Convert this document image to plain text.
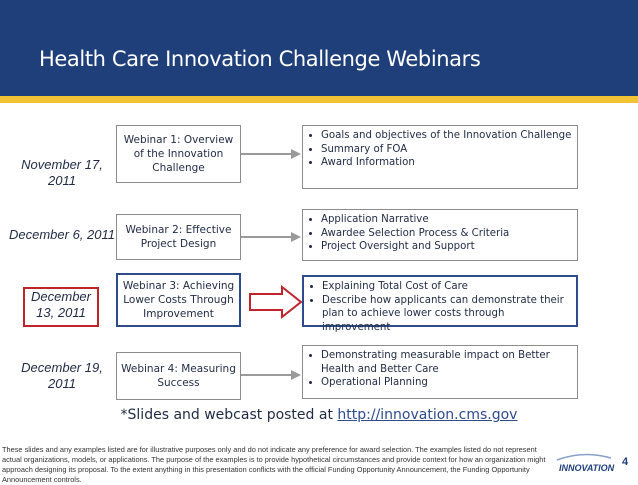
Health Care Innovation Challenge Webinars
November 17, 2011
Webinar 1: Overview of the Innovation Challenge
• Goals and objectives of the Innovation Challenge
• Summary of FOA
• Award Information
December 6, 2011	Webinar 2: Effective Project Design
• Application Narrative
• Awardee Selection Process & Criteria
• Project Oversight and Support
December 13, 2011
Webinar 3: Achieving Lower Costs Through Improvement
• Explaining Total Cost of Care
• Describe how applicants can demonstrate their plan to achieve lower costs through improvement
December 19, 2011
Webinar 4: Measuring Success
• Demonstrating measurable impact on Better Health and Better Care
• Operational Planning
*Slides and webcast posted at http://innovation.cms.gov
These slides and any examples listed are for illustrative purposes only and do not indicate any preference for award selection. The examples listed do not represent actual organizations, models, or applications. The purpose of the examples is to provide hypothetical circumstances and provide context for how an organization might approach designing its proposal. To the extent anything in this presentation conflicts with the official Funding Opportunity Announcement, the Funding Opportunity Announcement controls.
INNOVATION 4
